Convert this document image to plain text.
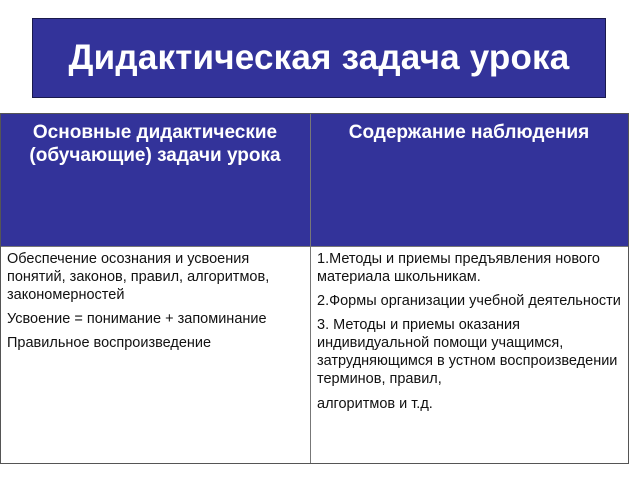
Дидактическая задача урока
Основные дидактические (обучающие) задачи урока
Содержание наблюдения

Обеспечение осознания и усвоения понятий, законов, правил, алгоритмов, закономерностей

Усвоение = понимание + запоминание

Правильное воспроизведение

1.Методы и приемы предъявления нового материала школьникам.

2.Формы организации учебной деятельности

3. Методы и приемы оказания индивидуальной помощи учащимся, затрудняющимся в устном воспроизведении терминов, правил,

алгоритмов и т.д.
